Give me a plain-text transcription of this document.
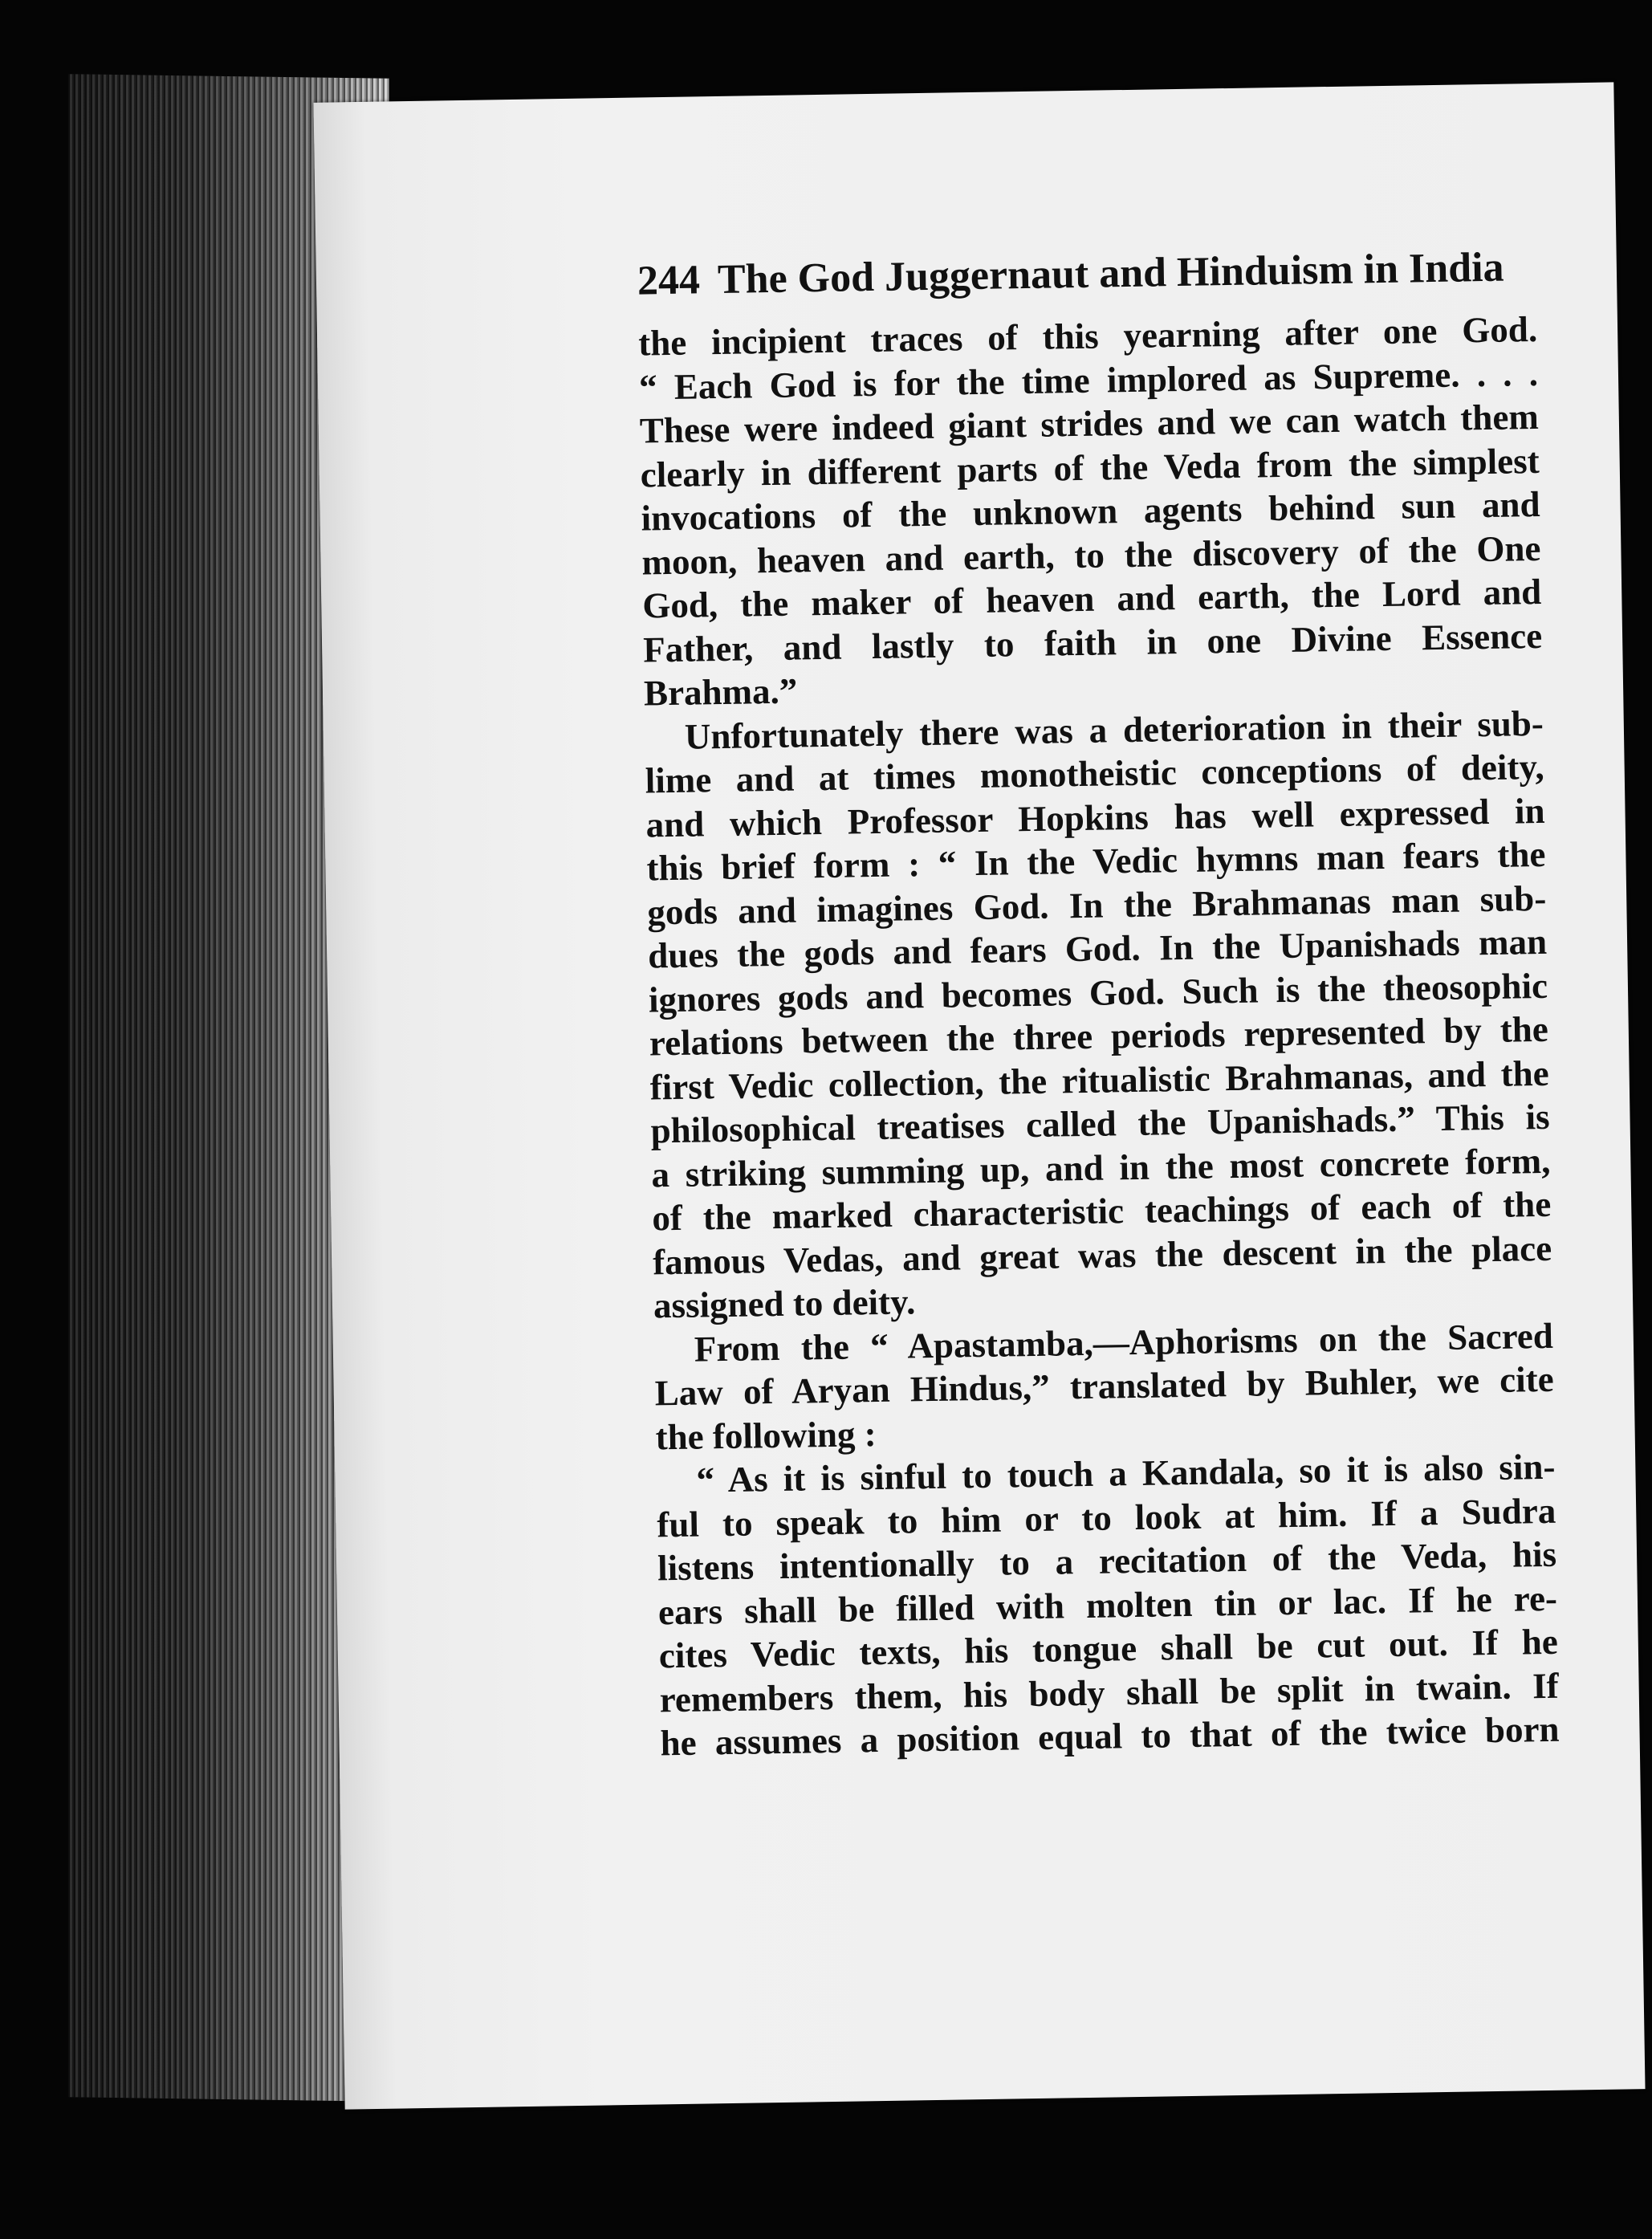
244 The God Juggernaut and Hinduism in India
the incipient traces of this yearning after one God.
“ Each God is for the time implored as Supreme. . . .
These were indeed giant strides and we can watch them
clearly in different parts of the Veda from the simplest
invocations of the unknown agents behind sun and
moon, heaven and earth, to the discovery of the One
God, the maker of heaven and earth, the Lord and
Father, and lastly to faith in one Divine Essence
Brahma.”
Unfortunately there was a deterioration in their sub-
lime and at times monotheistic conceptions of deity,
and which Professor Hopkins has well expressed in
this brief form : “ In the Vedic hymns man fears the
gods and imagines God. In the Brahmanas man sub-
dues the gods and fears God. In the Upanishads man
ignores gods and becomes God. Such is the theosophic
relations between the three periods represented by the
first Vedic collection, the ritualistic Brahmanas, and the
philosophical treatises called the Upanishads.” This is
a striking summing up, and in the most concrete form,
of the marked characteristic teachings of each of the
famous Vedas, and great was the descent in the place
assigned to deity.
From the “ Apastamba,—Aphorisms on the Sacred
Law of Aryan Hindus,” translated by Buhler, we cite
the following :
“ As it is sinful to touch a Kandala, so it is also sin-
ful to speak to him or to look at him. If a Sudra
listens intentionally to a recitation of the Veda, his
ears shall be filled with molten tin or lac. If he re-
cites Vedic texts, his tongue shall be cut out. If he
remembers them, his body shall be split in twain. If
he assumes a position equal to that of the twice born
